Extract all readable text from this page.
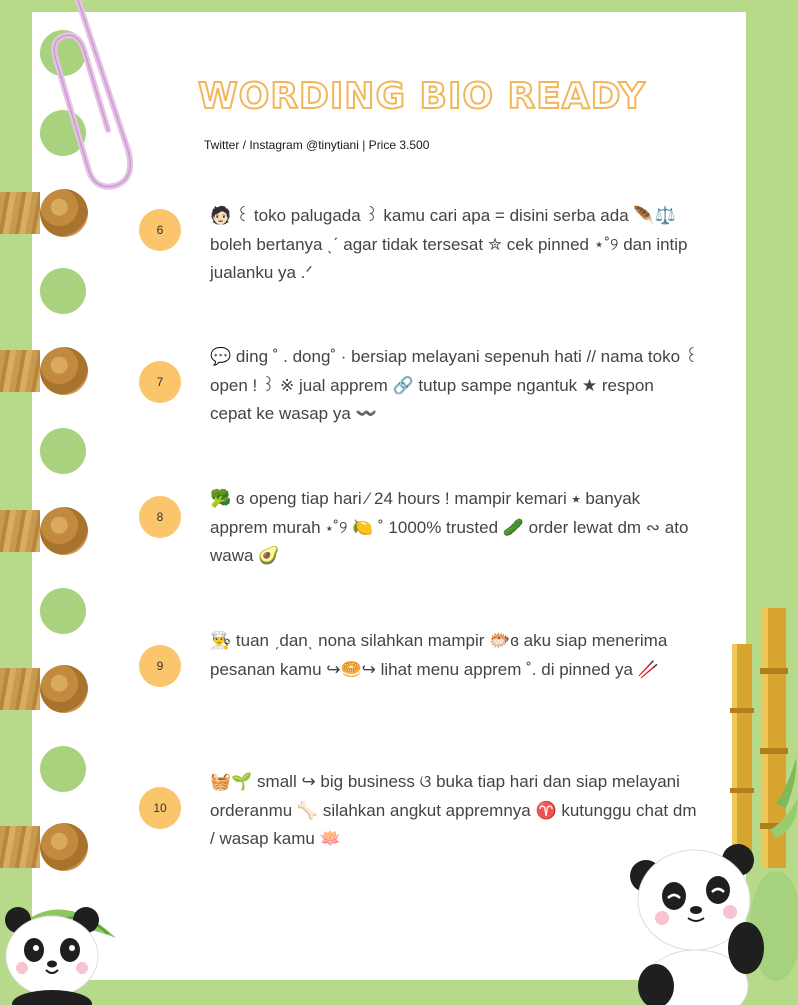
WORDING BIO READY
Twitter / Instagram @tinytiani | Price 3.500
6
🧑🏻 ꒰ toko palugada ꒱ kamu cari apa = disini serba ada 🪶⚖️ boleh bertanya ˎˊ agar tidak tersesat ✮ cek pinned ⋆˚୨ dan intip jualanku ya .ᐟ
7
💬 ding ˚ . dong˚ · bersiap melayani sepenuh hati // nama toko ꒰ open ! ꒱ ※ jual apprem 🔗 tutup sampe ngantuk ★ respon cepat ke wasap ya 〰️
8
🥦 ɞ openg tiap hari ⁄ 24 hours ! mampir kemari ⭑ banyak apprem murah ⋆˚୨ 🍋 ˚ 1000% trusted 🥒 order lewat dm ∾ ato wawa 🥑
9
👨‍🍳 tuan ˏdanˎ nona silahkan mampir 🐡ɞ aku siap menerima pesanan kamu ↪🥯↪ lihat menu apprem ˚. di pinned ya 🥢
10
🧺🌱 small ↪ big business ଓ buka tiap hari dan siap melayani orderanmu 🦴 silahkan angkut appremnya ♈ kutunggu chat dm / wasap kamu 🪷
